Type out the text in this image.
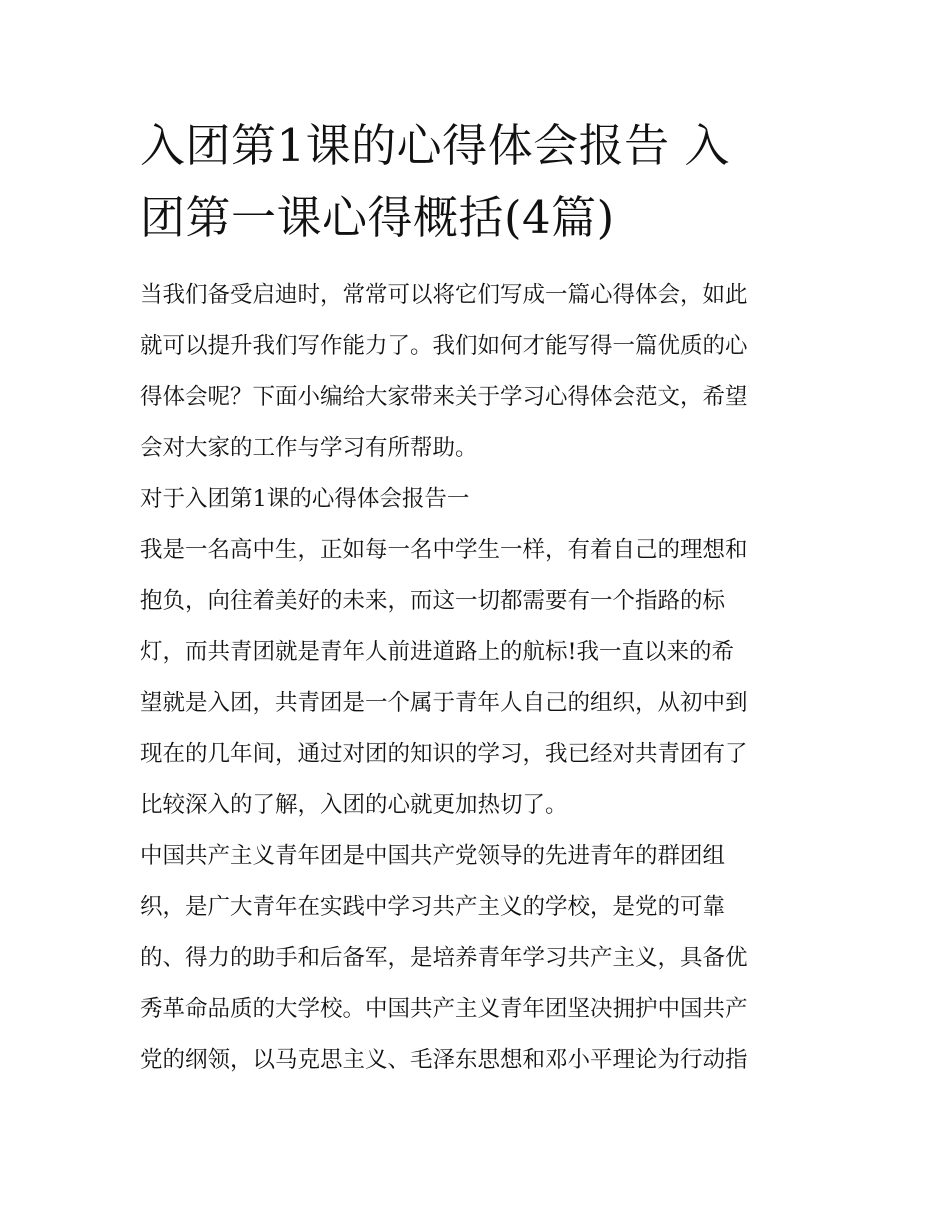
入团第1课的心得体会报告 入
团第一课心得概括(4篇)

当我们备受启迪时，常常可以将它们写成一篇心得体会，如此
就可以提升我们写作能力了。我们如何才能写得一篇优质的心
得体会呢？下面小编给大家带来关于学习心得体会范文，希望
会对大家的工作与学习有所帮助。

对于入团第1课的心得体会报告一

我是一名高中生，正如每一名中学生一样，有着自己的理想和
抱负，向往着美好的未来，而这一切都需要有一个指路的标
灯，而共青团就是青年人前进道路上的航标!我一直以来的希
望就是入团，共青团是一个属于青年人自己的组织，从初中到
现在的几年间，通过对团的知识的学习，我已经对共青团有了
比较深入的了解，入团的心就更加热切了。

中国共产主义青年团是中国共产党领导的先进青年的群团组
织，是广大青年在实践中学习共产主义的学校，是党的可靠
的、得力的助手和后备军，是培养青年学习共产主义，具备优
秀革命品质的大学校。中国共产主义青年团坚决拥护中国共产
党的纲领，以马克思主义、毛泽东思想和邓小平理论为行动指
